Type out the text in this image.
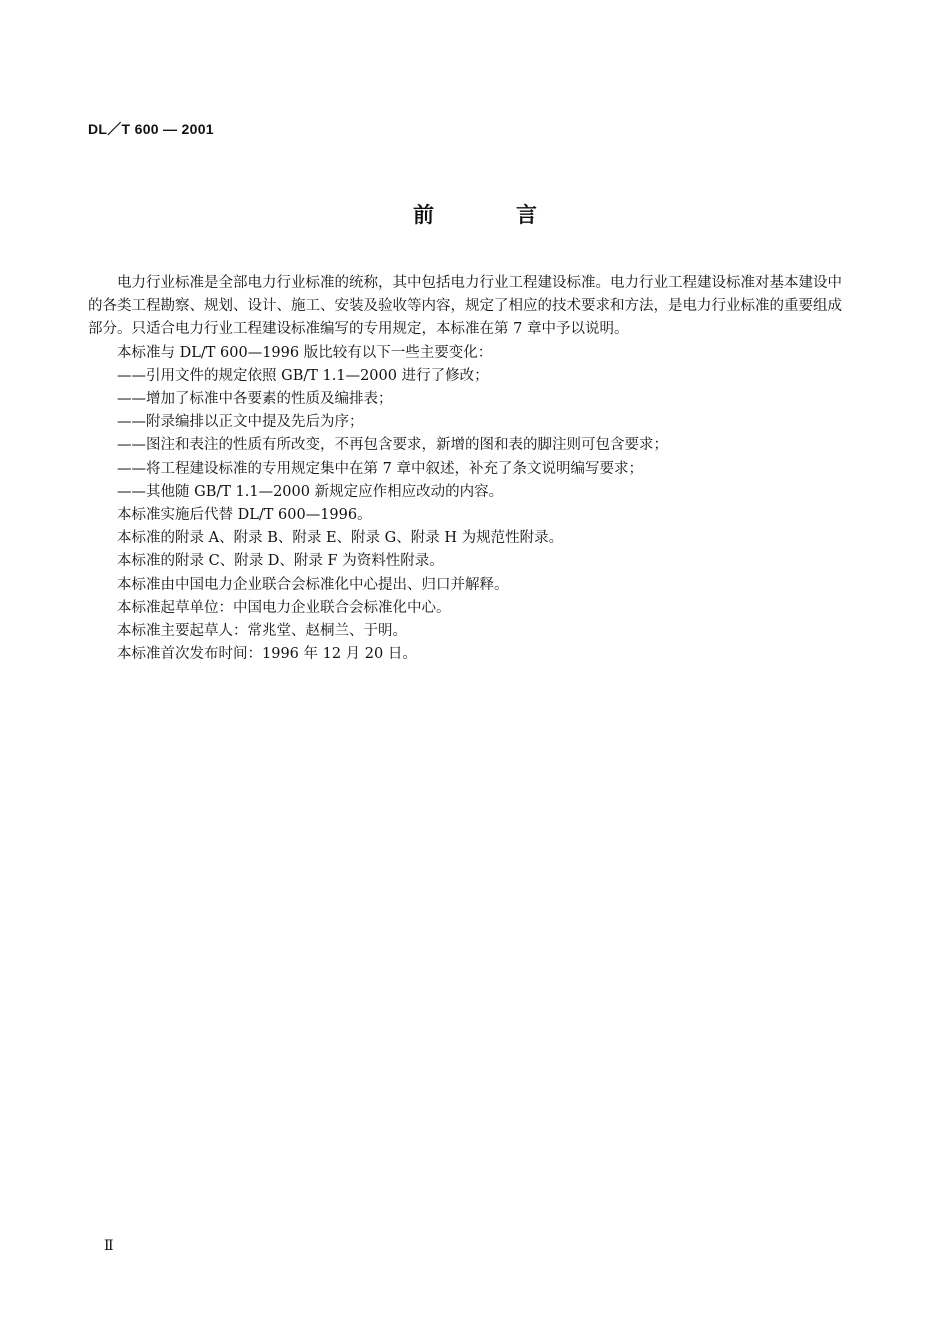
DL／T 600 — 2001
前	言

电力行业标准是全部电力行业标准的统称，其中包括电力行业工程建设标准。电力行业工程建设标准对基本建设中的各类工程勘察、规划、设计、施工、安装及验收等内容，规定了相应的技术要求和方法，是电力行业标准的重要组成部分。只适合电力行业工程建设标准编写的专用规定，本标准在第 7 章中予以说明。

本标准与 DL/T 600—1996 版比较有以下一些主要变化：

——引用文件的规定依照 GB/T 1.1—2000 进行了修改；

——增加了标准中各要素的性质及编排表；

——附录编排以正文中提及先后为序；

——图注和表注的性质有所改变，不再包含要求，新增的图和表的脚注则可包含要求；

——将工程建设标准的专用规定集中在第 7 章中叙述，补充了条文说明编写要求；

——其他随 GB/T 1.1—2000 新规定应作相应改动的内容。

本标准实施后代替 DL/T 600—1996。

本标准的附录 A、附录 B、附录 E、附录 G、附录 H 为规范性附录。

本标准的附录 C、附录 D、附录 F 为资料性附录。

本标准由中国电力企业联合会标准化中心提出、归口并解释。

本标准起草单位：中国电力企业联合会标准化中心。

本标准主要起草人：常兆堂、赵桐兰、于明。

本标准首次发布时间：1996 年 12 月 20 日。

Ⅱ
